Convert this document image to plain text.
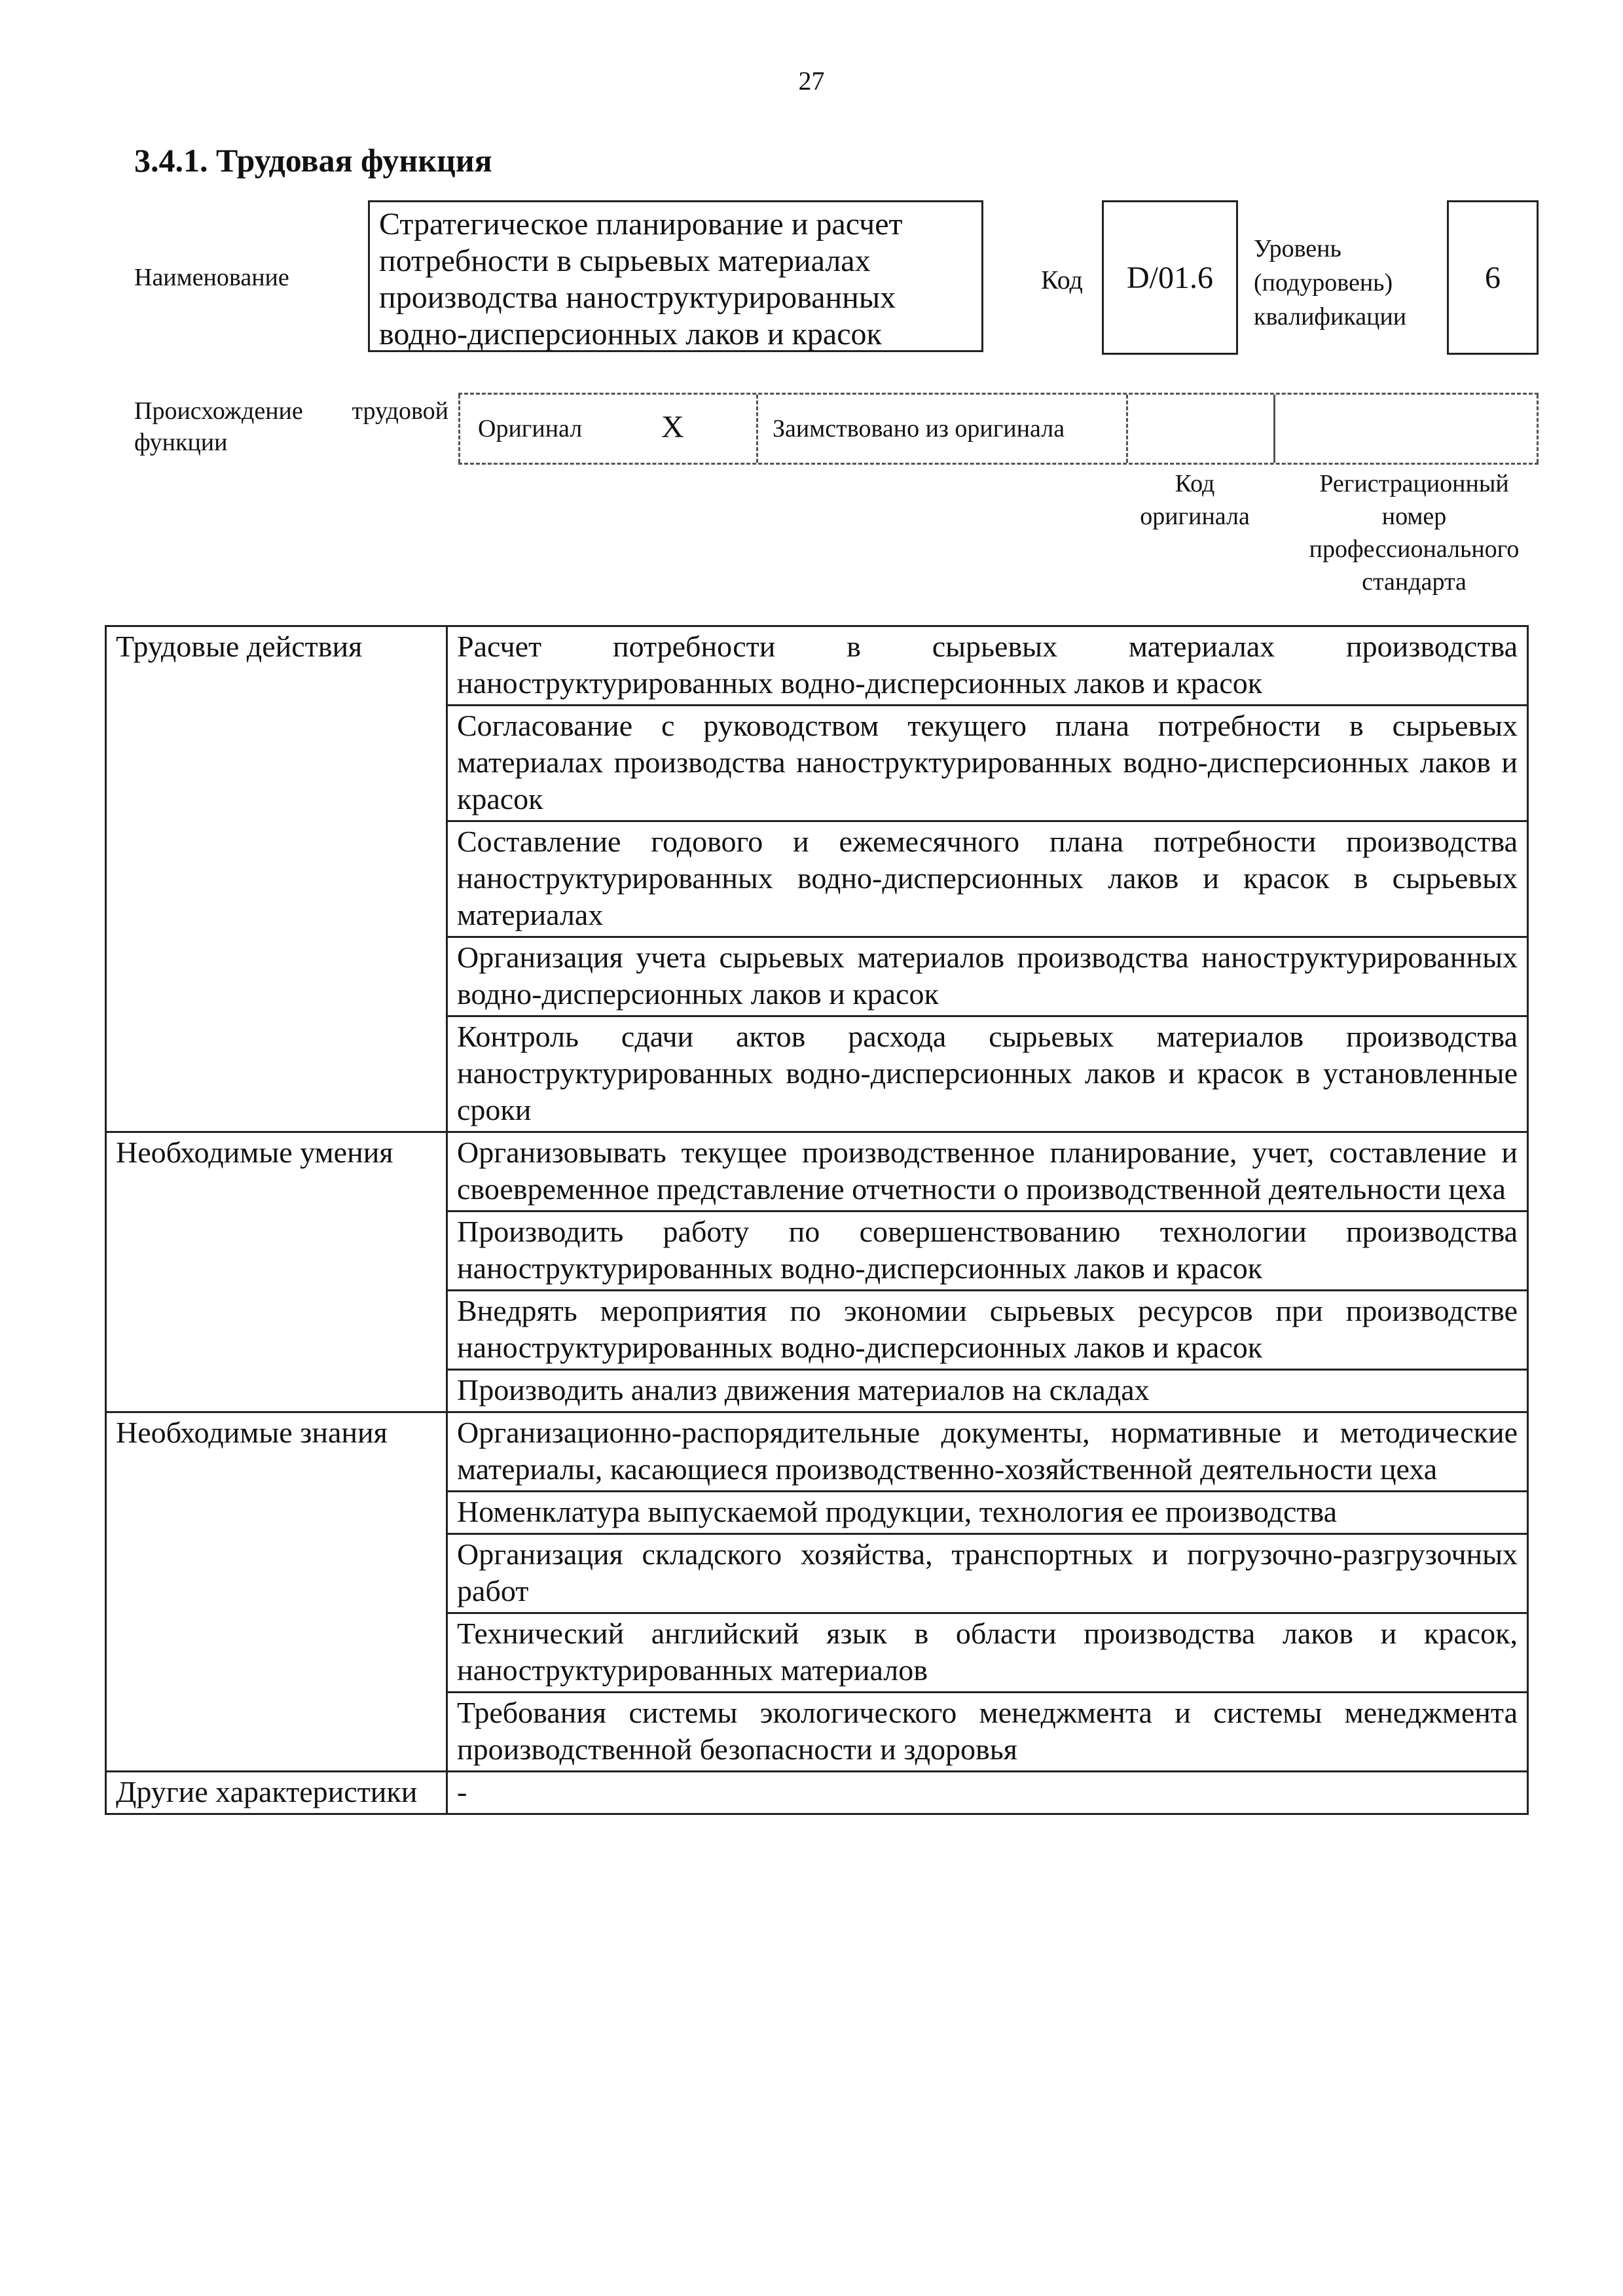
27
3.4.1. Трудовая функция
Наименование
Стратегическое планирование и расчет
потребности в сырьевых материалах
производства наноструктурированных
водно-дисперсионных лаков и красок
Код D/01.6
Уровень
(подуровень)
квалификации
6
Происхождение трудовой функции	Оригинал	X	Заимствовано из оригинала
Код
оригинала
Регистрационный
номер
профессионального
стандарта
Трудовые действия	Расчет потребности в сырьевых материалах производства наноструктурированных водно-дисперсионных лаков и красок
	Согласование с руководством текущего плана потребности в сырьевых материалах производства наноструктурированных водно-дисперсионных лаков и красок
	Составление годового и ежемесячного плана потребности производства наноструктурированных водно-дисперсионных лаков и красок в сырьевых материалах
	Организация учета сырьевых материалов производства наноструктурированных водно-дисперсионных лаков и красок
	Контроль сдачи актов расхода сырьевых материалов производства наноструктурированных водно-дисперсионных лаков и красок в установленные сроки
Необходимые умения	Организовывать текущее производственное планирование, учет, составление и своевременное представление отчетности о производственной деятельности цеха
	Производить работу по совершенствованию технологии производства наноструктурированных водно-дисперсионных лаков и красок
	Внедрять мероприятия по экономии сырьевых ресурсов при производстве наноструктурированных водно-дисперсионных лаков и красок
	Производить анализ движения материалов на складах
Необходимые знания	Организационно-распорядительные документы, нормативные и методические материалы, касающиеся производственно-хозяйственной деятельности цеха
	Номенклатура выпускаемой продукции, технология ее производства
	Организация складского хозяйства, транспортных и погрузочно-разгрузочных работ
	Технический английский язык в области производства лаков и красок, наноструктурированных материалов
	Требования системы экологического менеджмента и системы менеджмента производственной безопасности и здоровья
Другие характеристики	-
